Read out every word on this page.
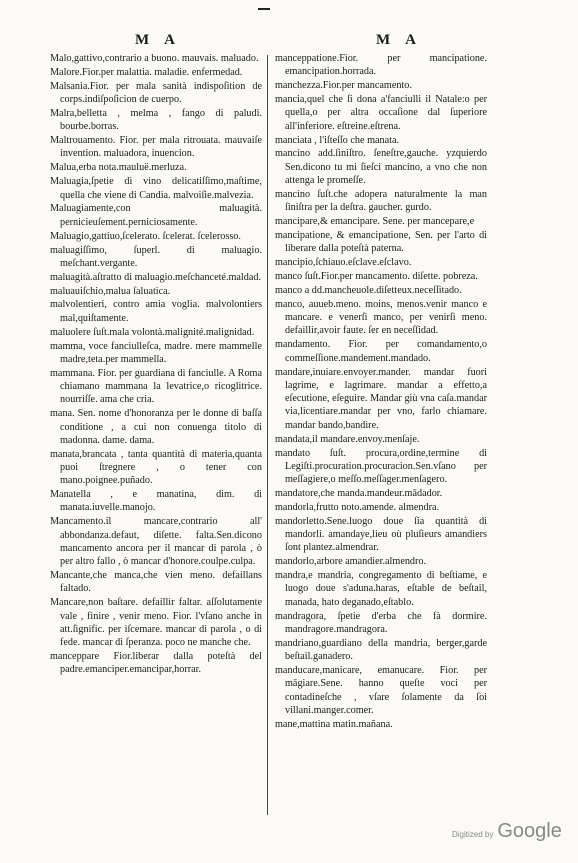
M A	M A
Malo,gattivo,contrario a buono. mauvais. maluado.
Malore.Fior.per malattia. maladie. enfermedad.
Malsania.Fior. per mala sanità indispoſition de corps.indiſpoſicion de cuerpo.
Malra,belletta , melma , fango di paludi. bourbe.borras.
Maltrouamento. Fior. per mala ritrouata. mauvaiſe invention. maluadora, inuencion.
Malua,erba nota.mauluë.merluza.
Maluagia,ſpetie di vino delicatiſſimo,maſtime, quella che viene di Candia. malvoiſie.malvezia.
Maluagiamente,con maluagità. pernicieuſement.perniciosamente.
Maluagio,gattiuo,ſcelerato. ſcelerat. ſcelerosso.
maluagiſſimo, ſuperl. di maluagio. meſchant.vergante.
maluagità.aſtratto di maluagio.meſchanceté.maldad.
maluauiſchio,malua ſaluatica.
malvolentieri, contro amia voglia. malvolontiers mal,quiſtamente.
maluolere ſuſt.mala volontà.malignité.malignidad.
mamma, voce fanciulleſca, madre. mere mammelle madre,teta.per mammella.
mammana. Fior. per guardiana di fanciulle. A Roma chiamano mammana la levatrice,o ricoglitrice. nourriſſe. ama che cria.
mana. Sen. nome d'honoranza per le donne di baſſa conditione , a cui non conuenga titolo di madonna. dame. dama.
manata,brancata , tanta quantità di materia,quanta puoi ſtregnere , o tener con mano.poignee.puñado.
Manatella , e manatina, dim. di manata.iuvelle.manojo.
Mancamento.il mancare,contrario all' abbondanza.defaut, diſette. falta.Sen.dicono mancamento ancora per il mancar di parola , ò per altro fallo , ò mancar d'honore.coulpe.culpa.
Mancante,che manca,che vien meno. defaillans faltado.
Mancare,non baſtare. defaillir faltar. aſſolutamente vale , finire , venir meno. Fior. l'vſano anche in att.ſignific. per iſcemare. mancar di parola , o di fede. mancar di ſperanza. poco ne manche che.
manceppare Fior.liberar dalla poteſtà del padre.emanciper.emancipar,horrar.
manceppatione.Fior. per mancipatione. emancipation.horrada.
manchezza.Fior.per mancamento.
mancia,quel che ſi dona a'fanciulli il Natale:o per quella,o per altra occaſione dal ſuperiore all'inferiore. eſtreine.eſtrena.
manciata , l'iſteſſo che manata.
mancino add.ſiniſtro. ſeneſtre,gauche. yzquierdo Sen.dicono tu mi ſieſci mancino, a vno che non attenga le promeſſe.
mancino ſuſt.che adopera naturalmente la man ſiniſtra per la deſtra. gaucher. gurdo.
mancipare,& emancipare. Sene. per mancepare,e
mancipatione, & emancipatione, Sen. per l'arto di liberare dalla poteſtà paterna.
mancipio,ſchiauo.eſclave.eſclavo.
manco ſuſt.Fior.per mancamento. diſette. pobreza.
manco a dd.mancheuole.diſetteux.neceſſitado.
manco, auueb.meno. moins, menos.venir manco e mancare. e venerſi manco, per venirſi meno. defaillir,avoir faute. ſer en neceſſidad.
mandamento. Fior. per comandamento,o commeſſione.mandement.mandado.
mandare,inuiare.envoyer.mander. mandar fuori lagrime, e lagrimare. mandar a effetto,a eſecutione, eſeguire. Mandar giù vna caſa.mandar via,licentiare.mandar per vno, farlo chiamare. mandar bando,bandire.
mandata,il mandare.envoy.menſaje.
mandato ſuſt. procura,ordine,termine di Legiſti.procuration.procuracion.Sen.vſano per meſſagiere,o meſſo.meſſager.menſagero.
mandatore,che manda.mandeur.mādador.
mandorla,frutto noto.amende. almendra.
mandorletto.Sene.luogo doue ſia quantità di mandorli. amandaye,lieu où pluſieurs amandiers ſont plantez.almendrar.
mandorlo,arbore amandier.almendro.
mandra,e mandria, congregamento di beſtiame, e luogo doue s'aduna.haras, eſtable de beſtail, manada, hato deganado,eſtablo.
mandragora, ſpetie d'erba che fà dormire. mandragore.mandragora.
mandriano,guardiano della mandria, berger,garde beſtail.ganadero.
manducare,manicare, emanucare. Fior. per māgiare.Sene. hanno queſte voci per contadineſche , vſare ſolamente da ſoi villani.manger.comer.
mane,mattina matin.mañana.
Digitized by Google
